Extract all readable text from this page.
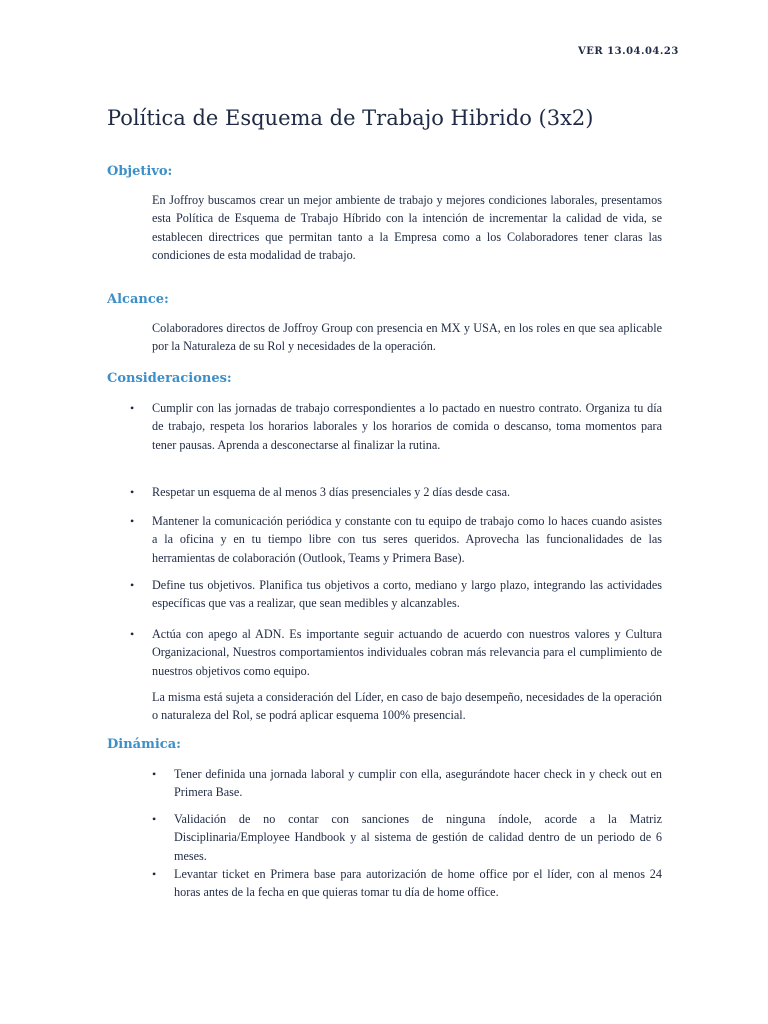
VER 13.04.04.23
Política de Esquema de Trabajo Hibrido (3x2)
Objetivo:

En Joffroy buscamos crear un mejor ambiente de trabajo y mejores condiciones laborales, presentamos esta Política de Esquema de Trabajo Híbrido con la intención de incrementar la calidad de vida, se establecen directrices que permitan tanto a la Empresa como a los Colaboradores tener claras las condiciones de esta modalidad de trabajo.

Alcance:

Colaboradores directos de Joffroy Group con presencia en MX y USA, en los roles en que sea aplicable por la Naturaleza de su Rol y necesidades de la operación.

Consideraciones:
•	Cumplir con las jornadas de trabajo correspondientes a lo pactado en nuestro contrato. Organiza tu día de trabajo, respeta los horarios laborales y los horarios de comida o descanso, toma momentos para tener pausas. Aprenda a desconectarse al finalizar la rutina.
•	Respetar un esquema de al menos 3 días presenciales y 2 días desde casa.
•	Mantener la comunicación periódica y constante con tu equipo de trabajo como lo haces cuando asistes a la oficina y en tu tiempo libre con tus seres queridos. Aprovecha las funcionalidades de las herramientas de colaboración (Outlook, Teams y Primera Base).
•	Define tus objetivos. Planifica tus objetivos a corto, mediano y largo plazo, integrando las actividades específicas que vas a realizar, que sean medibles y alcanzables.
•	Actúa con apego al ADN. Es importante seguir actuando de acuerdo con nuestros valores y Cultura Organizacional, Nuestros comportamientos individuales cobran más relevancia para el cumplimiento de nuestros objetivos como equipo.

La misma está sujeta a consideración del Líder, en caso de bajo desempeño, necesidades de la operación o naturaleza del Rol, se podrá aplicar esquema 100% presencial.

Dinámica:
•	Tener definida una jornada laboral y cumplir con ella, asegurándote hacer check in y check out en Primera Base.
•	Validación de no contar con sanciones de ninguna índole, acorde a la Matriz Disciplinaria/Employee Handbook y al sistema de gestión de calidad dentro de un periodo de 6 meses.
•	Levantar ticket en Primera base para autorización de home office por el líder, con al menos 24 horas antes de la fecha en que quieras tomar tu día de home office.
